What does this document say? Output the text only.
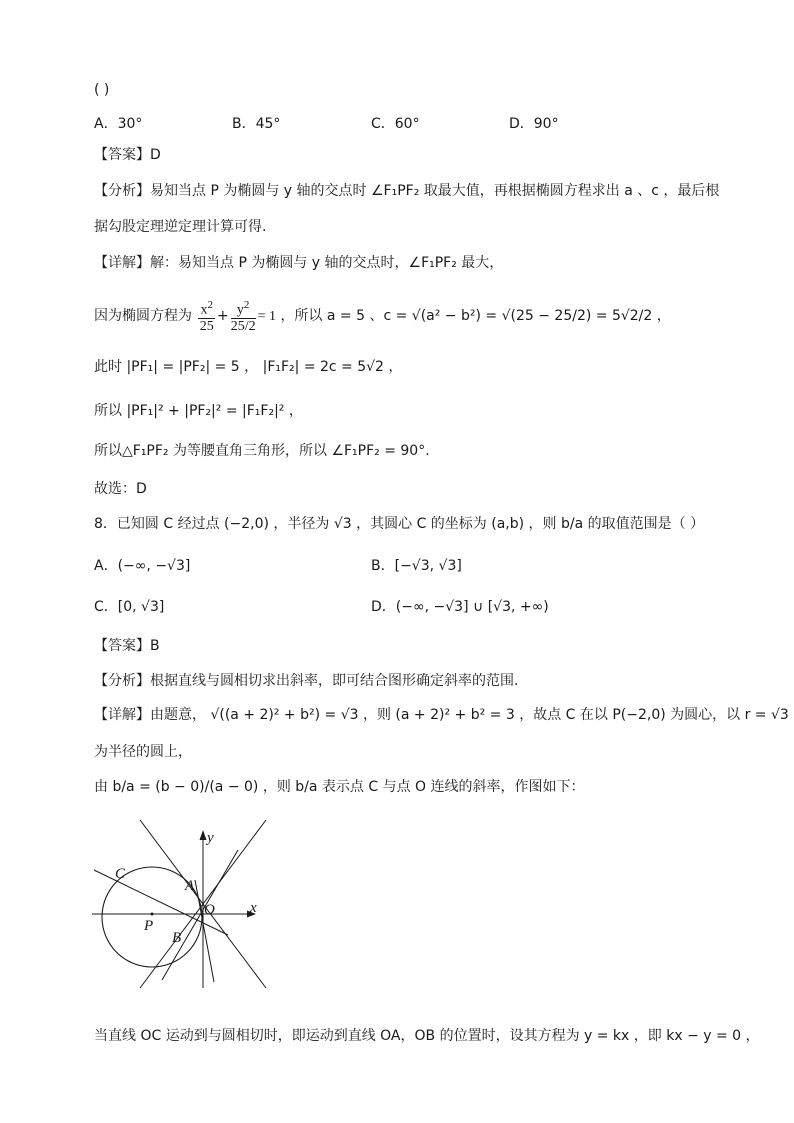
( )
A．30°	B．45°	C．60°	D．90°
【答案】D
【分析】易知当点 P 为椭圆与 y 轴的交点时 ∠F₁PF₂ 取最大值，再根据椭圆方程求出 a 、c ，最后根
据勾股定理逆定理计算可得.
【详解】解：易知当点 P 为椭圆与 y 轴的交点时，∠F₁PF₂ 最大，
因为椭圆方程为 $\frac{x^2}{25} + \frac{y^2}{25/2} = 1$ ，所以 a = 5 、c = √(a² − b²) = √(25 − 25/2) = 5√2/2 ，
此时 |PF₁| = |PF₂| = 5 ， |F₁F₂| = 2c = 5√2 ，
所以 |PF₁|² + |PF₂|² = |F₁F₂|² ，
所以△F₁PF₂ 为等腰直角三角形，所以 ∠F₁PF₂ = 90°.
故选：D
8．已知圆 C 经过点 (−2,0) ，半径为 √3 ，其圆心 C 的坐标为 (a,b) ，则 b/a 的取值范围是（ ）
A．(−∞, −√3]	B．[−√3, √3]
C．[0, √3]	D．(−∞, −√3] ∪ [√3, +∞)
【答案】B
【分析】根据直线与圆相切求出斜率，即可结合图形确定斜率的范围.
【详解】由题意， √((a + 2)² + b²) = √3 ，则 (a + 2)² + b² = 3 ，故点 C 在以 P(−2,0) 为圆心，以 r = √3
为半径的圆上，
由 b/a = (b − 0)/(a − 0) ，则 b/a 表示点 C 与点 O 连线的斜率，作图如下：
y
x
C
A
O
P
B
当直线 OC 运动到与圆相切时，即运动到直线 OA，OB 的位置时，设其方程为 y = kx ，即 kx − y = 0 ，
